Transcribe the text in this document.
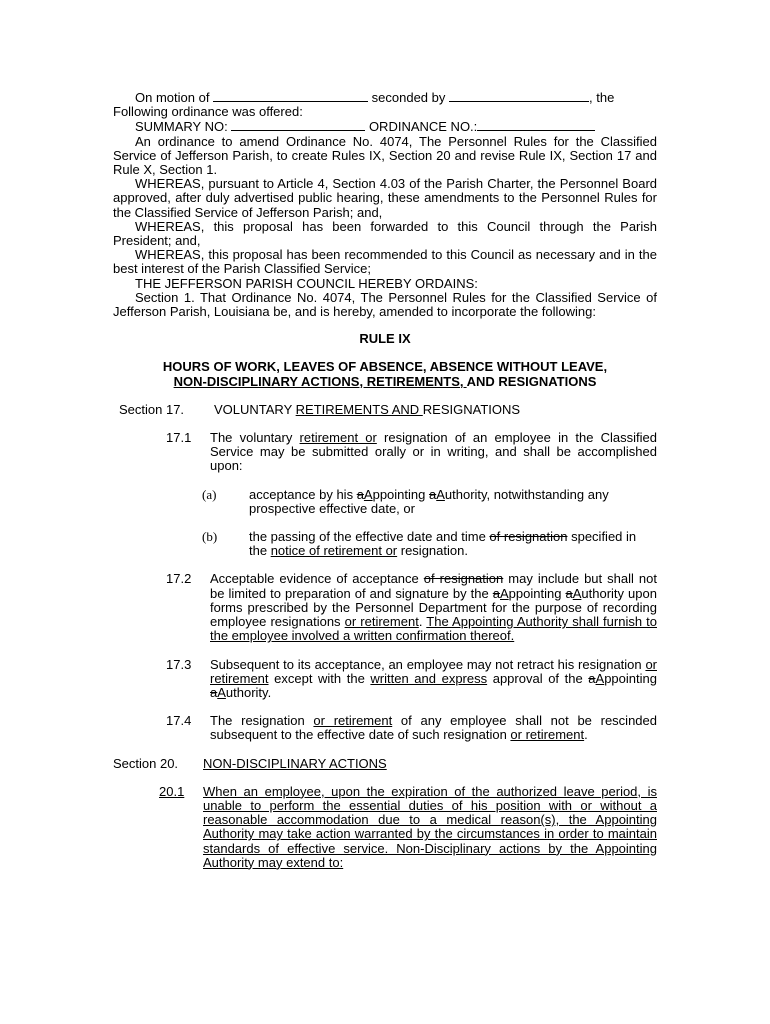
On motion of	seconded by	, the

Following ordinance was offered:

SUMMARY NO:	ORDINANCE NO.:

An ordinance to amend Ordinance No. 4074, The Personnel Rules for the Classified Service of Jefferson Parish, to create Rules IX, Section 20 and revise Rule IX, Section 17 and Rule X, Section 1.

WHEREAS, pursuant to Article 4, Section 4.03 of the Parish Charter, the Personnel Board approved, after duly advertised public hearing, these amendments to the Personnel Rules for the Classified Service of Jefferson Parish; and,

WHEREAS, this proposal has been forwarded to this Council through the Parish President; and,

WHEREAS, this proposal has been recommended to this Council as necessary and in the best interest of the Parish Classified Service;

THE JEFFERSON PARISH COUNCIL HEREBY ORDAINS:

Section 1. That Ordinance No. 4074, The Personnel Rules for the Classified Service of Jefferson Parish, Louisiana be, and is hereby, amended to incorporate the following:

RULE IX

HOURS OF WORK, LEAVES OF ABSENCE, ABSENCE WITHOUT LEAVE,

NON-DISCIPLINARY ACTIONS, RETIREMENTS, AND RESIGNATIONS

Section 17.	VOLUNTARY RETIREMENTS AND RESIGNATIONS
17.1	The voluntary retirement or resignation of an employee in the Classified Service may be submitted orally or in writing, and shall be accomplished upon:
(a)	acceptance by his aAppointing aAuthority, notwithstanding any prospective effective date, or
(b)	the passing of the effective date and time of resignation specified in the notice of retirement or resignation.
17.2	Acceptable evidence of acceptance of resignation may include but shall not be limited to preparation of and signature by the aAppointing aAuthority upon forms prescribed by the Personnel Department for the purpose of recording employee resignations or retirement. The Appointing Authority shall furnish to the employee involved a written confirmation thereof.
17.3	Subsequent to its acceptance, an employee may not retract his resignation or retirement except with the written and express approval of the aAppointing aAuthority.
17.4	The resignation or retirement of any employee shall not be rescinded subsequent to the effective date of such resignation or retirement.
Section 20.	NON-DISCIPLINARY ACTIONS
20.1	When an employee, upon the expiration of the authorized leave period, is unable to perform the essential duties of his position with or without a reasonable accommodation due to a medical reason(s), the Appointing Authority may take action warranted by the circumstances in order to maintain standards of effective service. Non-Disciplinary actions by the Appointing Authority may extend to:
